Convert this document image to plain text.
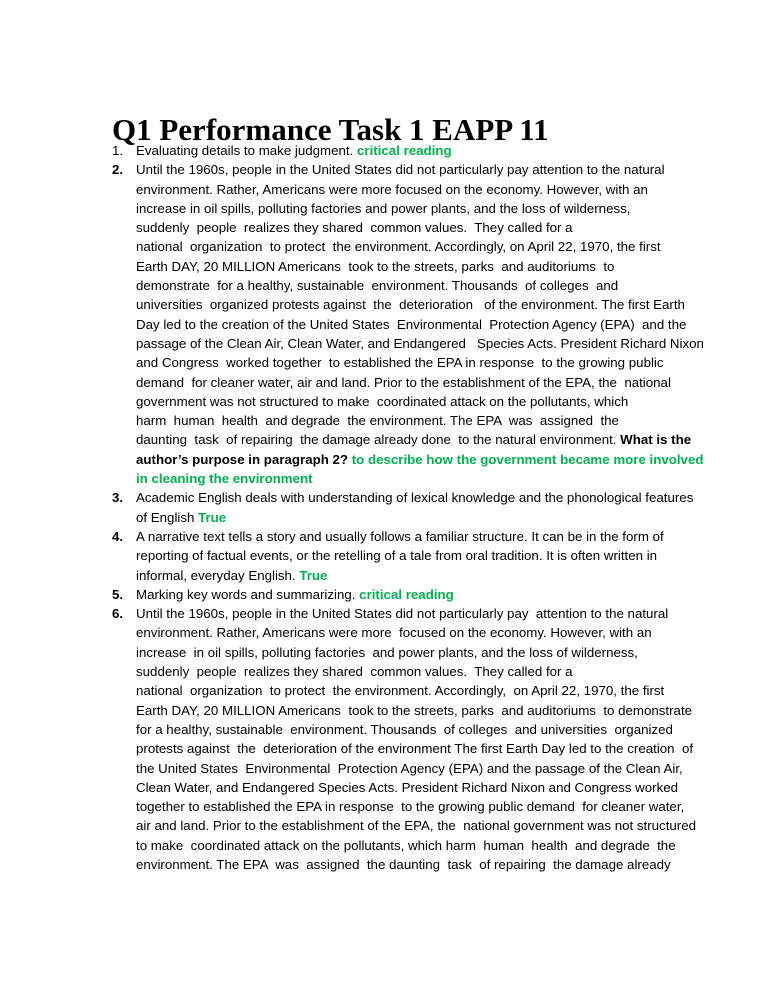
Q1 Performance Task 1 EAPP 11
1. Evaluating details to make judgment. critical reading
2. Until the 1960s, people in the United States did not particularly pay attention to the natural
environment. Rather, Americans were more focused on the economy. However, with an
increase in oil spills, polluting factories and power plants, and the loss of wilderness,
suddenly  people  realizes they shared  common values.  They called for a
national  organization  to protect  the environment. Accordingly, on April 22, 1970, the first
Earth DAY, 20 MILLION Americans  took to the streets, parks  and auditoriums  to
demonstrate  for a healthy, sustainable  environment. Thousands  of colleges  and
universities  organized protests against  the  deterioration   of the environment. The first Earth
Day led to the creation of the United States  Environmental  Protection Agency (EPA)  and the
passage of the Clean Air, Clean Water, and Endangered   Species Acts. President Richard Nixon
and Congress  worked together  to established the EPA in response  to the growing public
demand  for cleaner water, air and land. Prior to the establishment of the EPA, the  national
government was not structured to make  coordinated attack on the pollutants, which
harm  human  health  and degrade  the environment. The EPA  was  assigned  the
daunting  task  of repairing  the damage already done  to the natural environment. What is the
author’s purpose in paragraph 2? to describe how the government became more involved
in cleaning the environment
3. Academic English deals with understanding of lexical knowledge and the phonological features
of English True
4. A narrative text tells a story and usually follows a familiar structure. It can be in the form of
reporting of factual events, or the retelling of a tale from oral tradition. It is often written in
informal, everyday English. True
5. Marking key words and summarizing. critical reading
6. Until the 1960s, people in the United States did not particularly pay  attention to the natural
environment. Rather, Americans were more  focused on the economy. However, with an
increase  in oil spills, polluting factories  and power plants, and the loss of wilderness,
suddenly  people  realizes they shared  common values.  They called for a
national  organization  to protect  the environment. Accordingly,  on April 22, 1970, the first
Earth DAY, 20 MILLION Americans  took to the streets, parks  and auditoriums  to demonstrate
for a healthy, sustainable  environment. Thousands  of colleges  and universities  organized
protests against  the  deterioration of the environment The first Earth Day led to the creation  of
the United States  Environmental  Protection Agency (EPA) and the passage of the Clean Air,
Clean Water, and Endangered Species Acts. President Richard Nixon and Congress worked
together to established the EPA in response  to the growing public demand  for cleaner water,
air and land. Prior to the establishment of the EPA, the  national government was not structured
to make  coordinated attack on the pollutants, which harm  human  health  and degrade  the
environment. The EPA  was  assigned  the daunting  task  of repairing  the damage already
